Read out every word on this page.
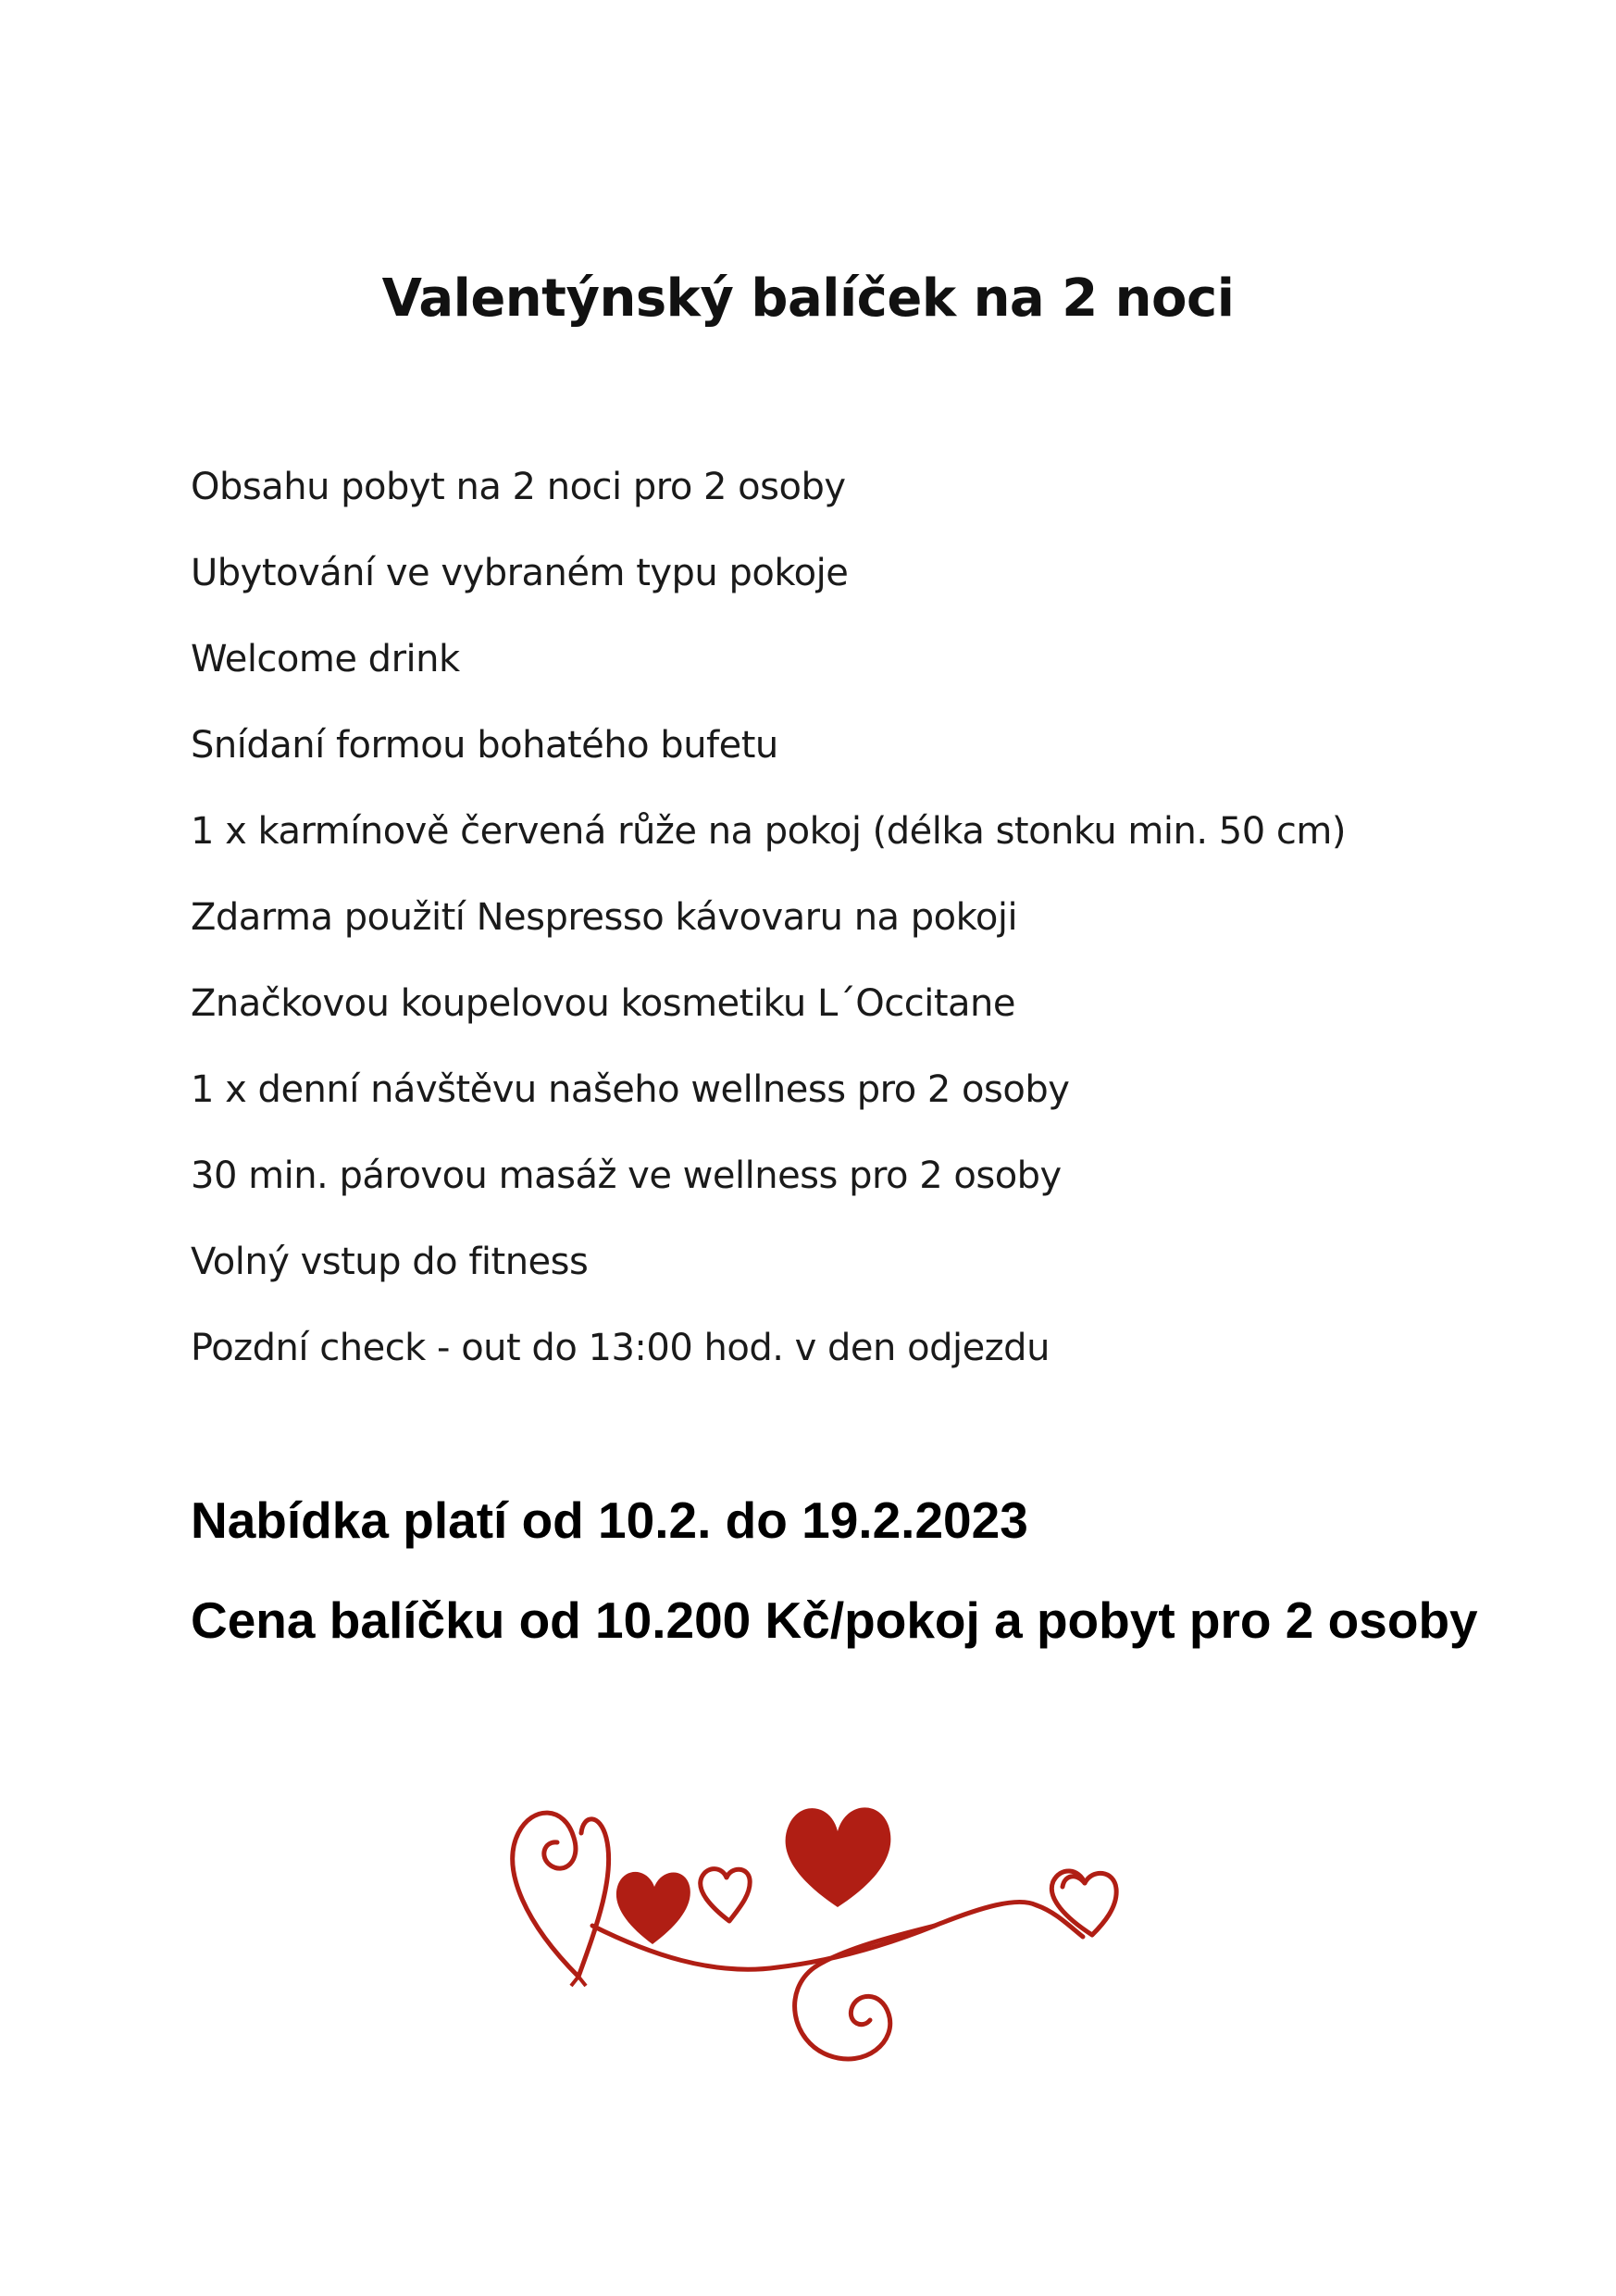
Valentýnský balíček na 2 noci
Obsahu pobyt na 2 noci pro 2 osoby
Ubytování ve vybraném typu pokoje
Welcome drink
Snídaní formou bohatého bufetu
1 x karmínově červená růže na pokoj (délka stonku min. 50 cm)
Zdarma použití Nespresso kávovaru na pokoji
Značkovou koupelovou kosmetiku L´Occitane
1 x denní návštěvu našeho wellness pro 2 osoby
30 min. párovou masáž ve wellness pro 2 osoby
Volný vstup do fitness
Pozdní check - out do 13:00 hod. v den odjezdu
Nabídka platí od 10.2. do 19.2.2023
Cena balíčku od 10.200 Kč/pokoj a pobyt pro 2 osoby
